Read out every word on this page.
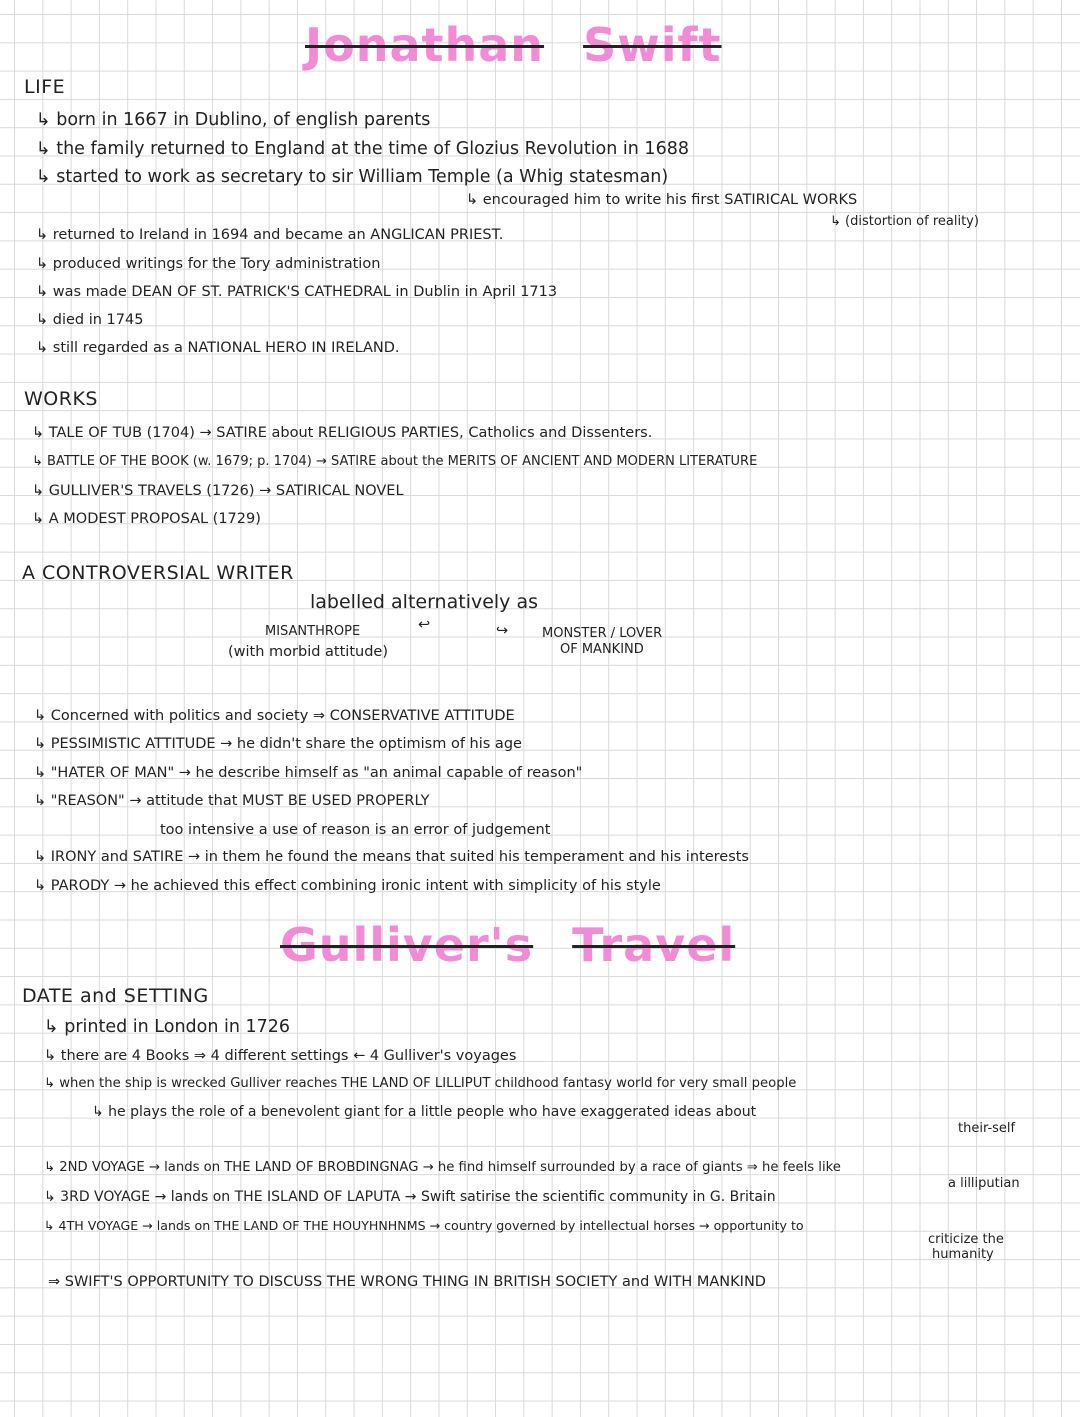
Jonathan Swift
LIFE
↳ born in 1667 in Dublino, of english parents
↳ the family returned to England at the time of Glozius Revolution in 1688
↳ started to work as secretary to sir William Temple (a Whig statesman)
↳ encouraged him to write his first SATIRICAL WORKS
↳ (distortion of reality)
↳ returned to Ireland in 1694 and became an ANGLICAN PRIEST.
↳ produced writings for the Tory administration
↳ was made DEAN OF ST. PATRICK'S CATHEDRAL in Dublin in April 1713
↳ died in 1745
↳ still regarded as a NATIONAL HERO IN IRELAND.
WORKS
↳ TALE OF TUB (1704) → SATIRE about RELIGIOUS PARTIES, Catholics and Dissenters.
↳ BATTLE OF THE BOOK (w. 1679; p. 1704) → SATIRE about the MERITS OF ANCIENT AND MODERN LITERATURE
↳ GULLIVER'S TRAVELS (1726) → SATIRICAL NOVEL
↳ A MODEST PROPOSAL (1729)
A CONTROVERSIAL WRITER
labelled alternatively as
↩	↪
MISANTHROPE
(with morbid attitude)
MONSTER / LOVER
OF MANKIND
↳ Concerned with politics and society ⇒ CONSERVATIVE ATTITUDE
↳ PESSIMISTIC ATTITUDE → he didn't share the optimism of his age
↳ "HATER OF MAN" → he describe himself as "an animal capable of reason"
↳ "REASON" → attitude that MUST BE USED PROPERLY
too intensive a use of reason is an error of judgement
↳ IRONY and SATIRE → in them he found the means that suited his temperament and his interests
↳ PARODY → he achieved this effect combining ironic intent with simplicity of his style
Gulliver's Travel
DATE and SETTING
↳ printed in London in 1726
↳ there are 4 Books ⇒ 4 different settings ← 4 Gulliver's voyages
↳ when the ship is wrecked Gulliver reaches THE LAND OF LILLIPUT childhood fantasy world for very small people
↳ he plays the role of a benevolent giant for a little people who have exaggerated ideas about
their-self
↳ 2ND VOYAGE → lands on THE LAND OF BROBDINGNAG → he find himself surrounded by a race of giants ⇒ he feels like
a lilliputian
↳ 3RD VOYAGE → lands on THE ISLAND OF LAPUTA → Swift satirise the scientific community in G. Britain
↳ 4TH VOYAGE → lands on THE LAND OF THE HOUYHNHNMS → country governed by intellectual horses → opportunity to
criticize the
humanity
⇒ SWIFT'S OPPORTUNITY TO DISCUSS THE WRONG THING IN BRITISH SOCIETY and WITH MANKIND
